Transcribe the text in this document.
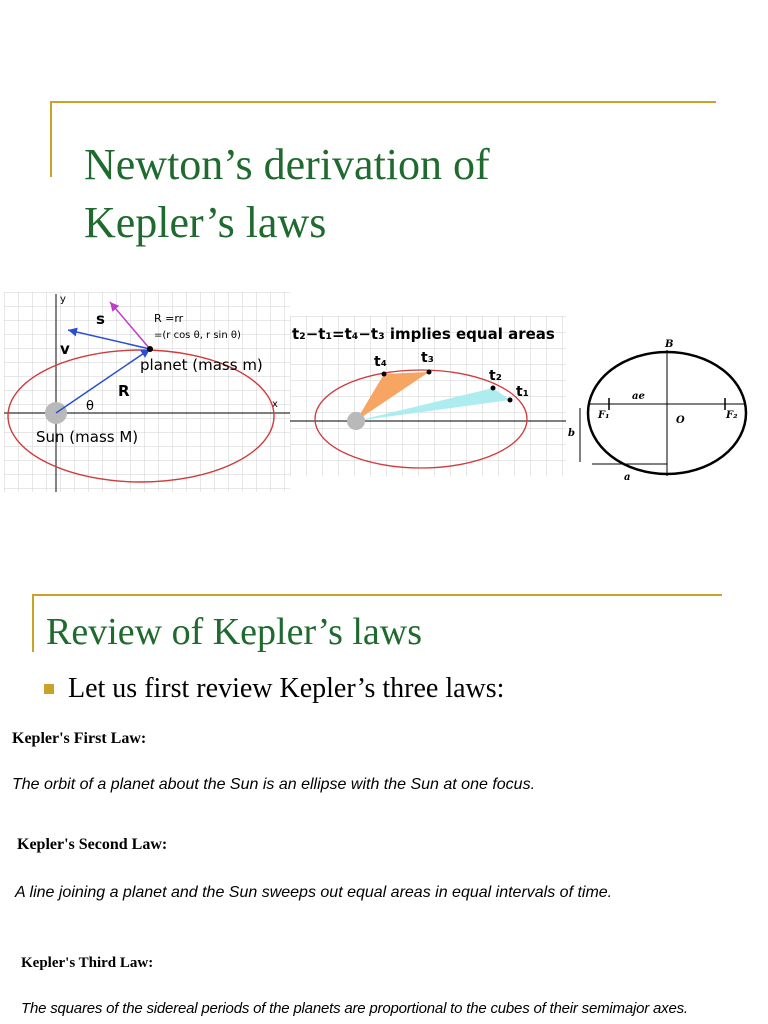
Newton’s derivation of
Kepler’s laws
y
x
s
v
R
R =rr
=(r cos θ, r sin θ)
θ
planet (mass m)
Sun (mass M)
t₂−t₁=t₄−t₃ implies equal areas
t₄ t₃
t₂
t₁
B
ae
F₁	O	F₂
b
a
Review of Kepler’s laws
Let us first review Kepler’s three laws:
Kepler's First Law:
The orbit of a planet about the Sun is an ellipse with the Sun at one focus.
Kepler's Second Law:
A line joining a planet and the Sun sweeps out equal areas in equal intervals of time.
Kepler's Third Law:
The squares of the sidereal periods of the planets are proportional to the cubes of their semimajor axes.
